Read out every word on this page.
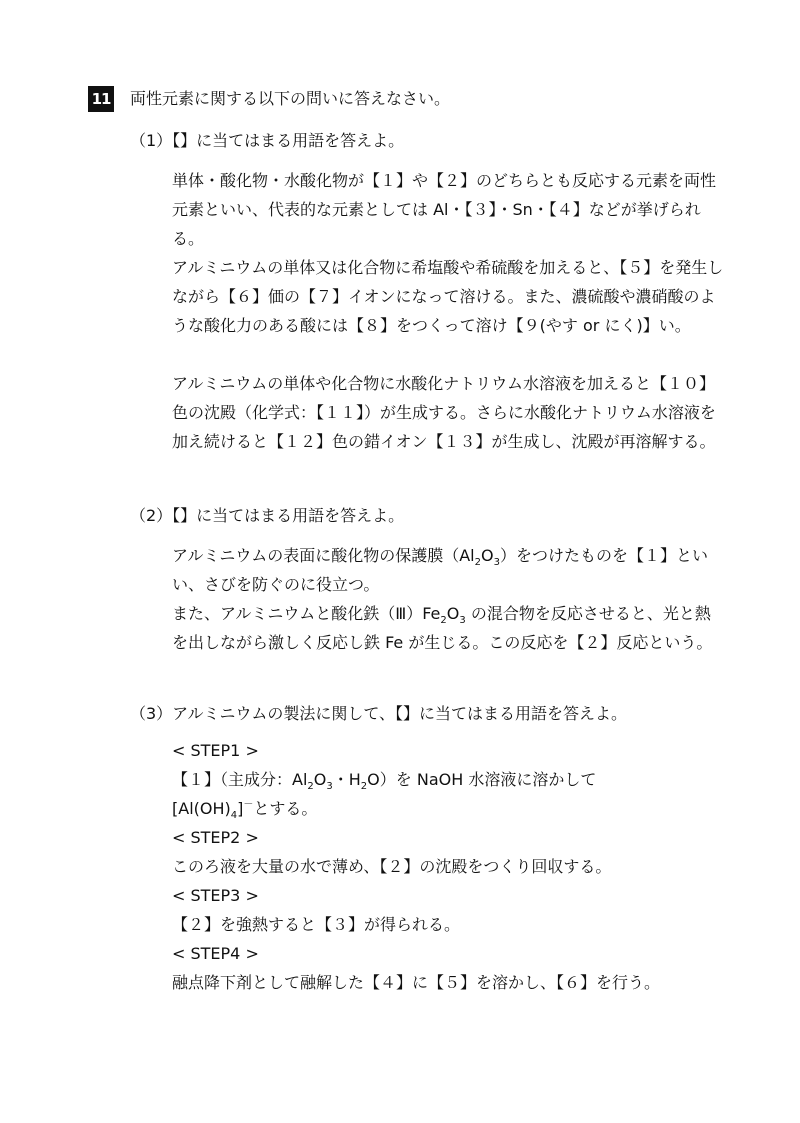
11 両性元素に関する以下の問いに答えなさい。
（1）【】に当てはまる用語を答えよ。

単体・酸化物・水酸化物が【１】や【２】のどちらとも反応する元素を両性元素といい、代表的な元素としては Al・【３】・Sn・【４】などが挙げられる。

アルミニウムの単体又は化合物に希塩酸や希硫酸を加えると、【５】を発生しながら【６】価の【７】イオンになって溶ける。また、濃硫酸や濃硝酸のような酸化力のある酸には【８】をつくって溶け【９(やす or にく)】い。

アルミニウムの単体や化合物に水酸化ナトリウム水溶液を加えると【１０】色の沈殿（化学式：【１１】）が生成する。さらに水酸化ナトリウム水溶液を加え続けると【１２】色の錯イオン【１３】が生成し、沈殿が再溶解する。

（2）【】に当てはまる用語を答えよ。

アルミニウムの表面に酸化物の保護膜$(Al_2O_3)$をつけたものを【１】といい、さびを防ぐのに役立つ。

また、アルミニウムと酸化鉄$(Ⅲ)Fe_2O_3$ の混合物を反応させると、光と熱を出しながら激しく反応し鉄 Fe が生じる。この反応を【２】反応という。

（3）アルミニウムの製法に関して、【】に当てはまる用語を答えよ。
< STEP1 >
【１】（主成分：$Al_2O_3$・$H_2O$）を NaOH 水溶液に溶かして
$[Al(OH)_4]^-$とする。
< STEP2 >
このろ液を大量の水で薄め、【２】の沈殿をつくり回収する。
< STEP3 >
【２】を強熱すると【３】が得られる。
< STEP4 >
融点降下剤として融解した【４】に【５】を溶かし、【６】を行う。
